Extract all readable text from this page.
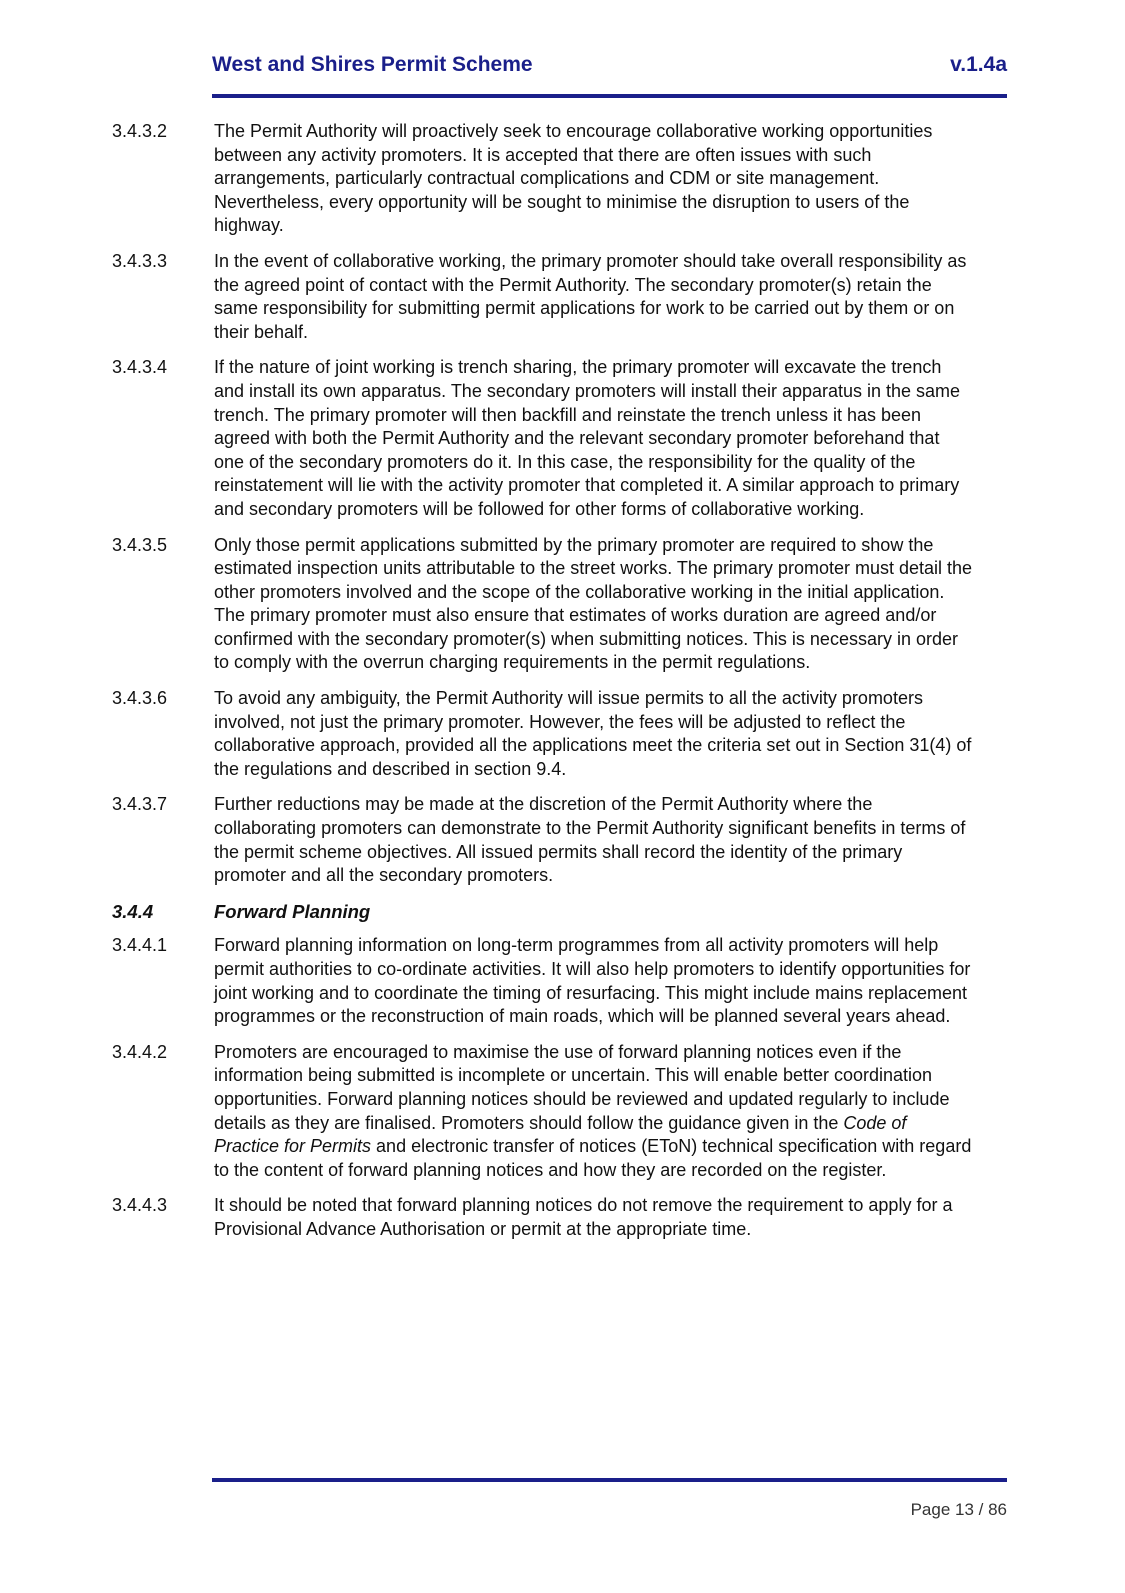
West and Shires Permit Scheme	v.1.4a
3.4.3.2	The Permit Authority will proactively seek to encourage collaborative working opportunities between any activity promoters. It is accepted that there are often issues with such arrangements, particularly contractual complications and CDM or site management. Nevertheless, every opportunity will be sought to minimise the disruption to users of the highway.
3.4.3.3	In the event of collaborative working, the primary promoter should take overall responsibility as the agreed point of contact with the Permit Authority. The secondary promoter(s) retain the same responsibility for submitting permit applications for work to be carried out by them or on their behalf.
3.4.3.4	If the nature of joint working is trench sharing, the primary promoter will excavate the trench and install its own apparatus. The secondary promoters will install their apparatus in the same trench. The primary promoter will then backfill and reinstate the trench unless it has been agreed with both the Permit Authority and the relevant secondary promoter beforehand that one of the secondary promoters do it. In this case, the responsibility for the quality of the reinstatement will lie with the activity promoter that completed it. A similar approach to primary and secondary promoters will be followed for other forms of collaborative working.
3.4.3.5	Only those permit applications submitted by the primary promoter are required to show the estimated inspection units attributable to the street works. The primary promoter must detail the other promoters involved and the scope of the collaborative working in the initial application. The primary promoter must also ensure that estimates of works duration are agreed and/or confirmed with the secondary promoter(s) when submitting notices. This is necessary in order to comply with the overrun charging requirements in the permit regulations.
3.4.3.6	To avoid any ambiguity, the Permit Authority will issue permits to all the activity promoters involved, not just the primary promoter. However, the fees will be adjusted to reflect the collaborative approach, provided all the applications meet the criteria set out in Section 31(4) of the regulations and described in section 9.4.
3.4.3.7	Further reductions may be made at the discretion of the Permit Authority where the collaborating promoters can demonstrate to the Permit Authority significant benefits in terms of the permit scheme objectives. All issued permits shall record the identity of the primary promoter and all the secondary promoters.
3.4.4	Forward Planning
3.4.4.1	Forward planning information on long-term programmes from all activity promoters will help permit authorities to co-ordinate activities. It will also help promoters to identify opportunities for joint working and to coordinate the timing of resurfacing. This might include mains replacement programmes or the reconstruction of main roads, which will be planned several years ahead.
3.4.4.2	Promoters are encouraged to maximise the use of forward planning notices even if the information being submitted is incomplete or uncertain. This will enable better coordination opportunities. Forward planning notices should be reviewed and updated regularly to include details as they are finalised. Promoters should follow the guidance given in the Code of Practice for Permits and electronic transfer of notices (EToN) technical specification with regard to the content of forward planning notices and how they are recorded on the register.
3.4.4.3	It should be noted that forward planning notices do not remove the requirement to apply for a Provisional Advance Authorisation or permit at the appropriate time.
Page 13 / 86
